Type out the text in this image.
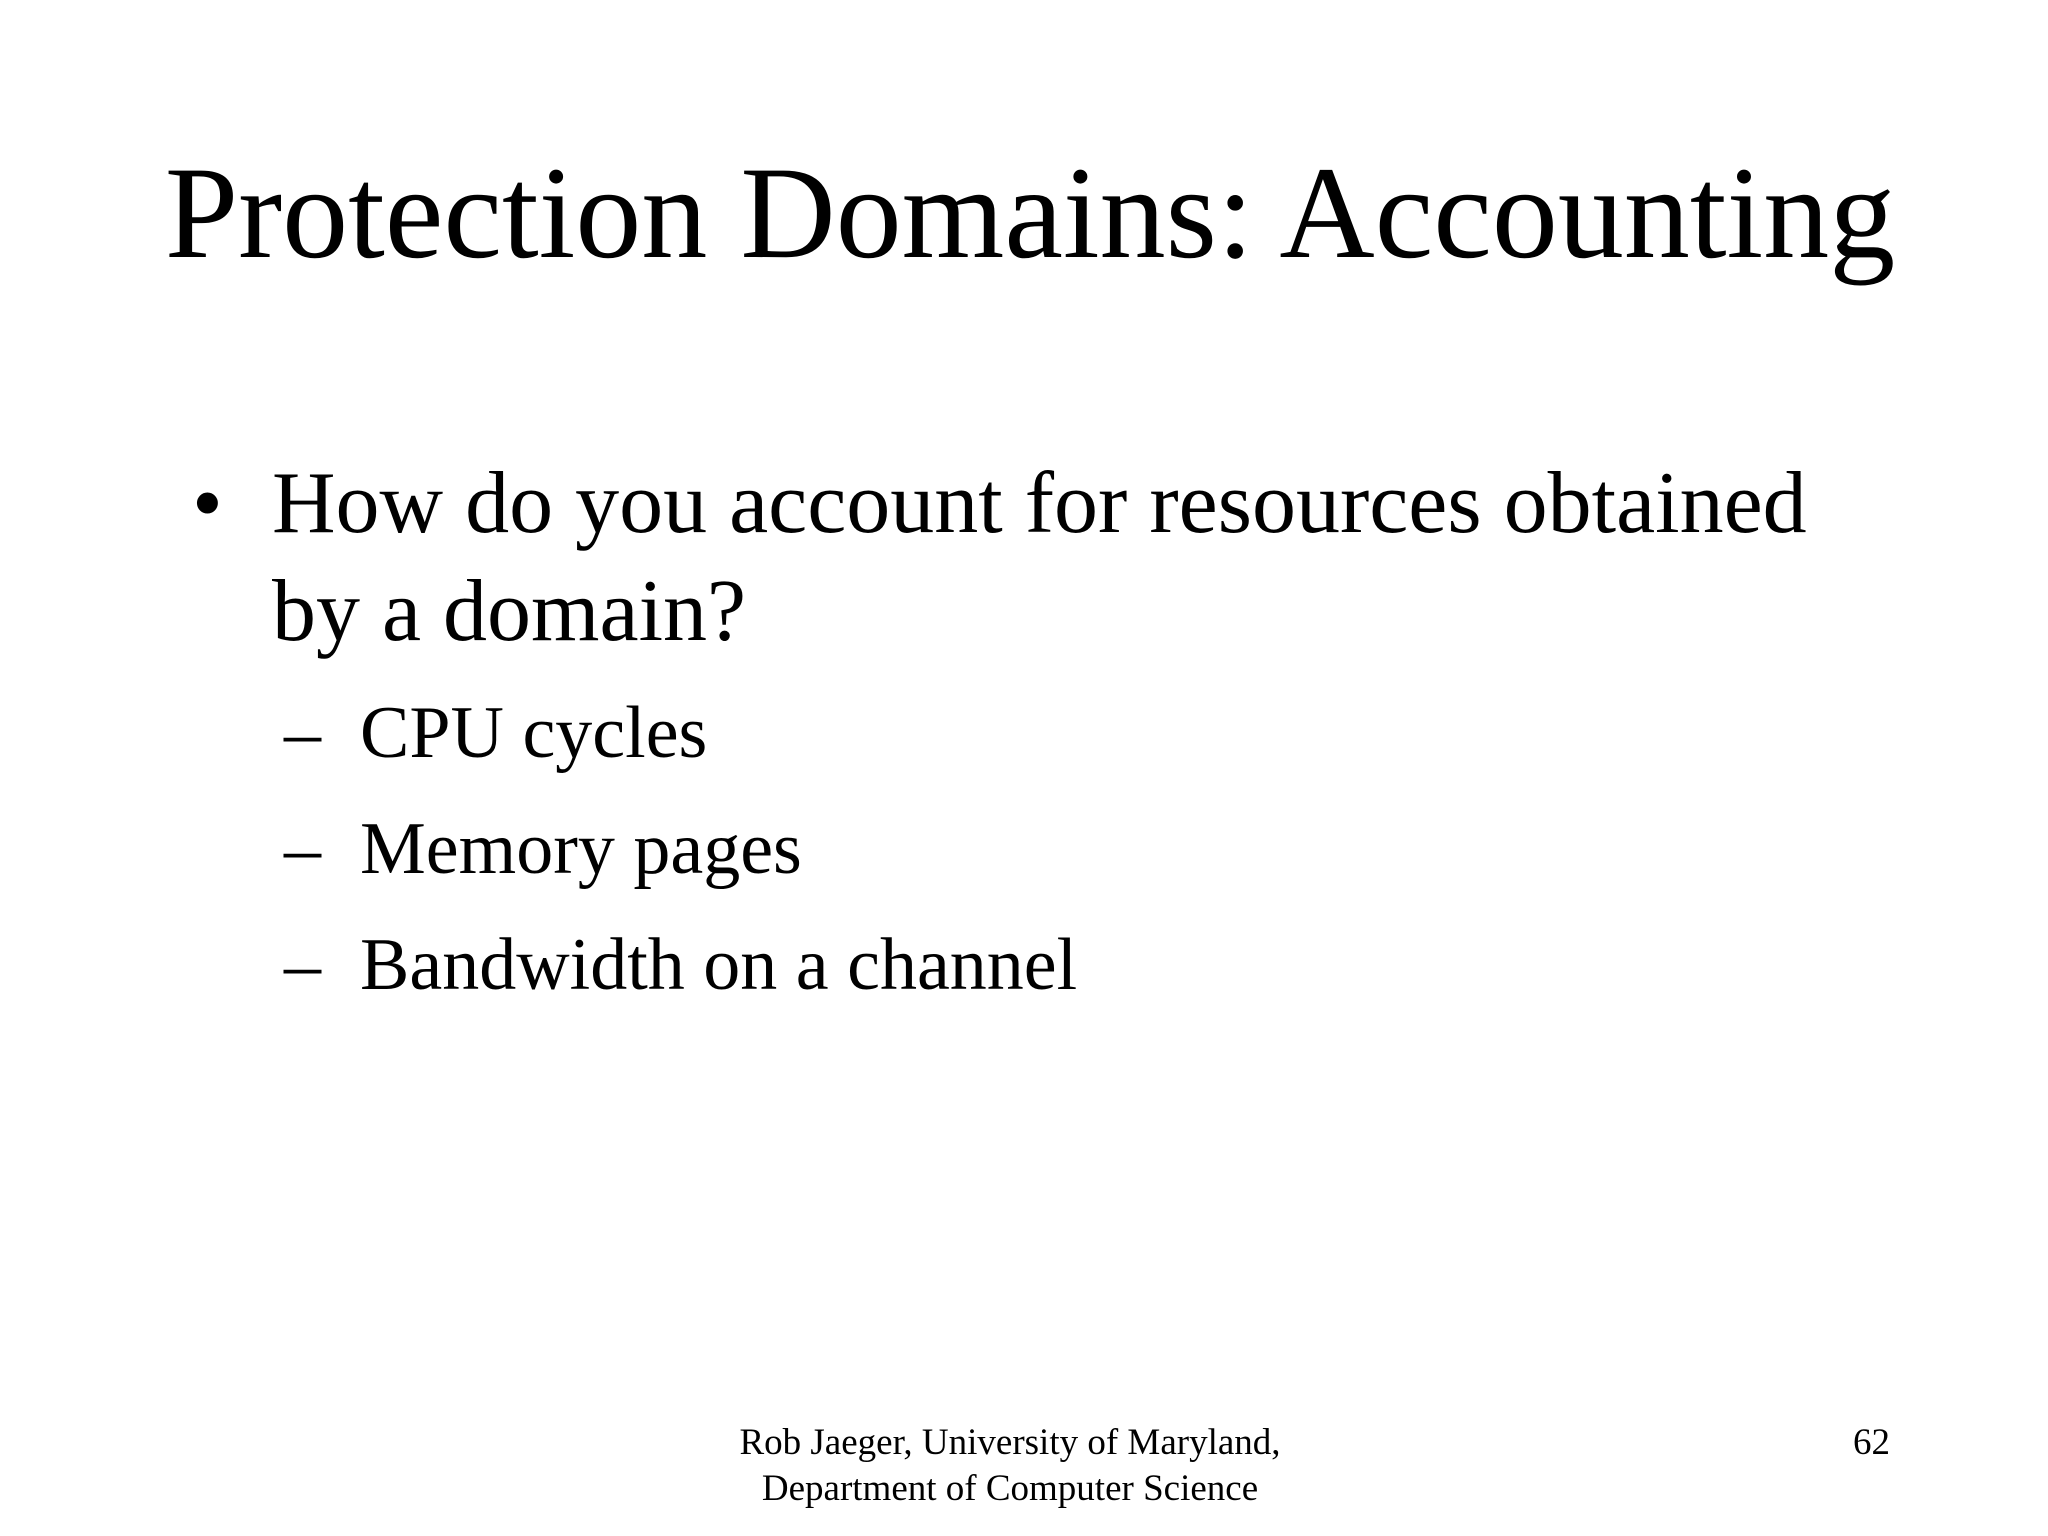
Protection Domains: Accounting
• How do you account for resources obtained by a domain?
– CPU cycles
– Memory pages
– Bandwidth on a channel
Rob Jaeger, University of Maryland,
Department of Computer Science
62
